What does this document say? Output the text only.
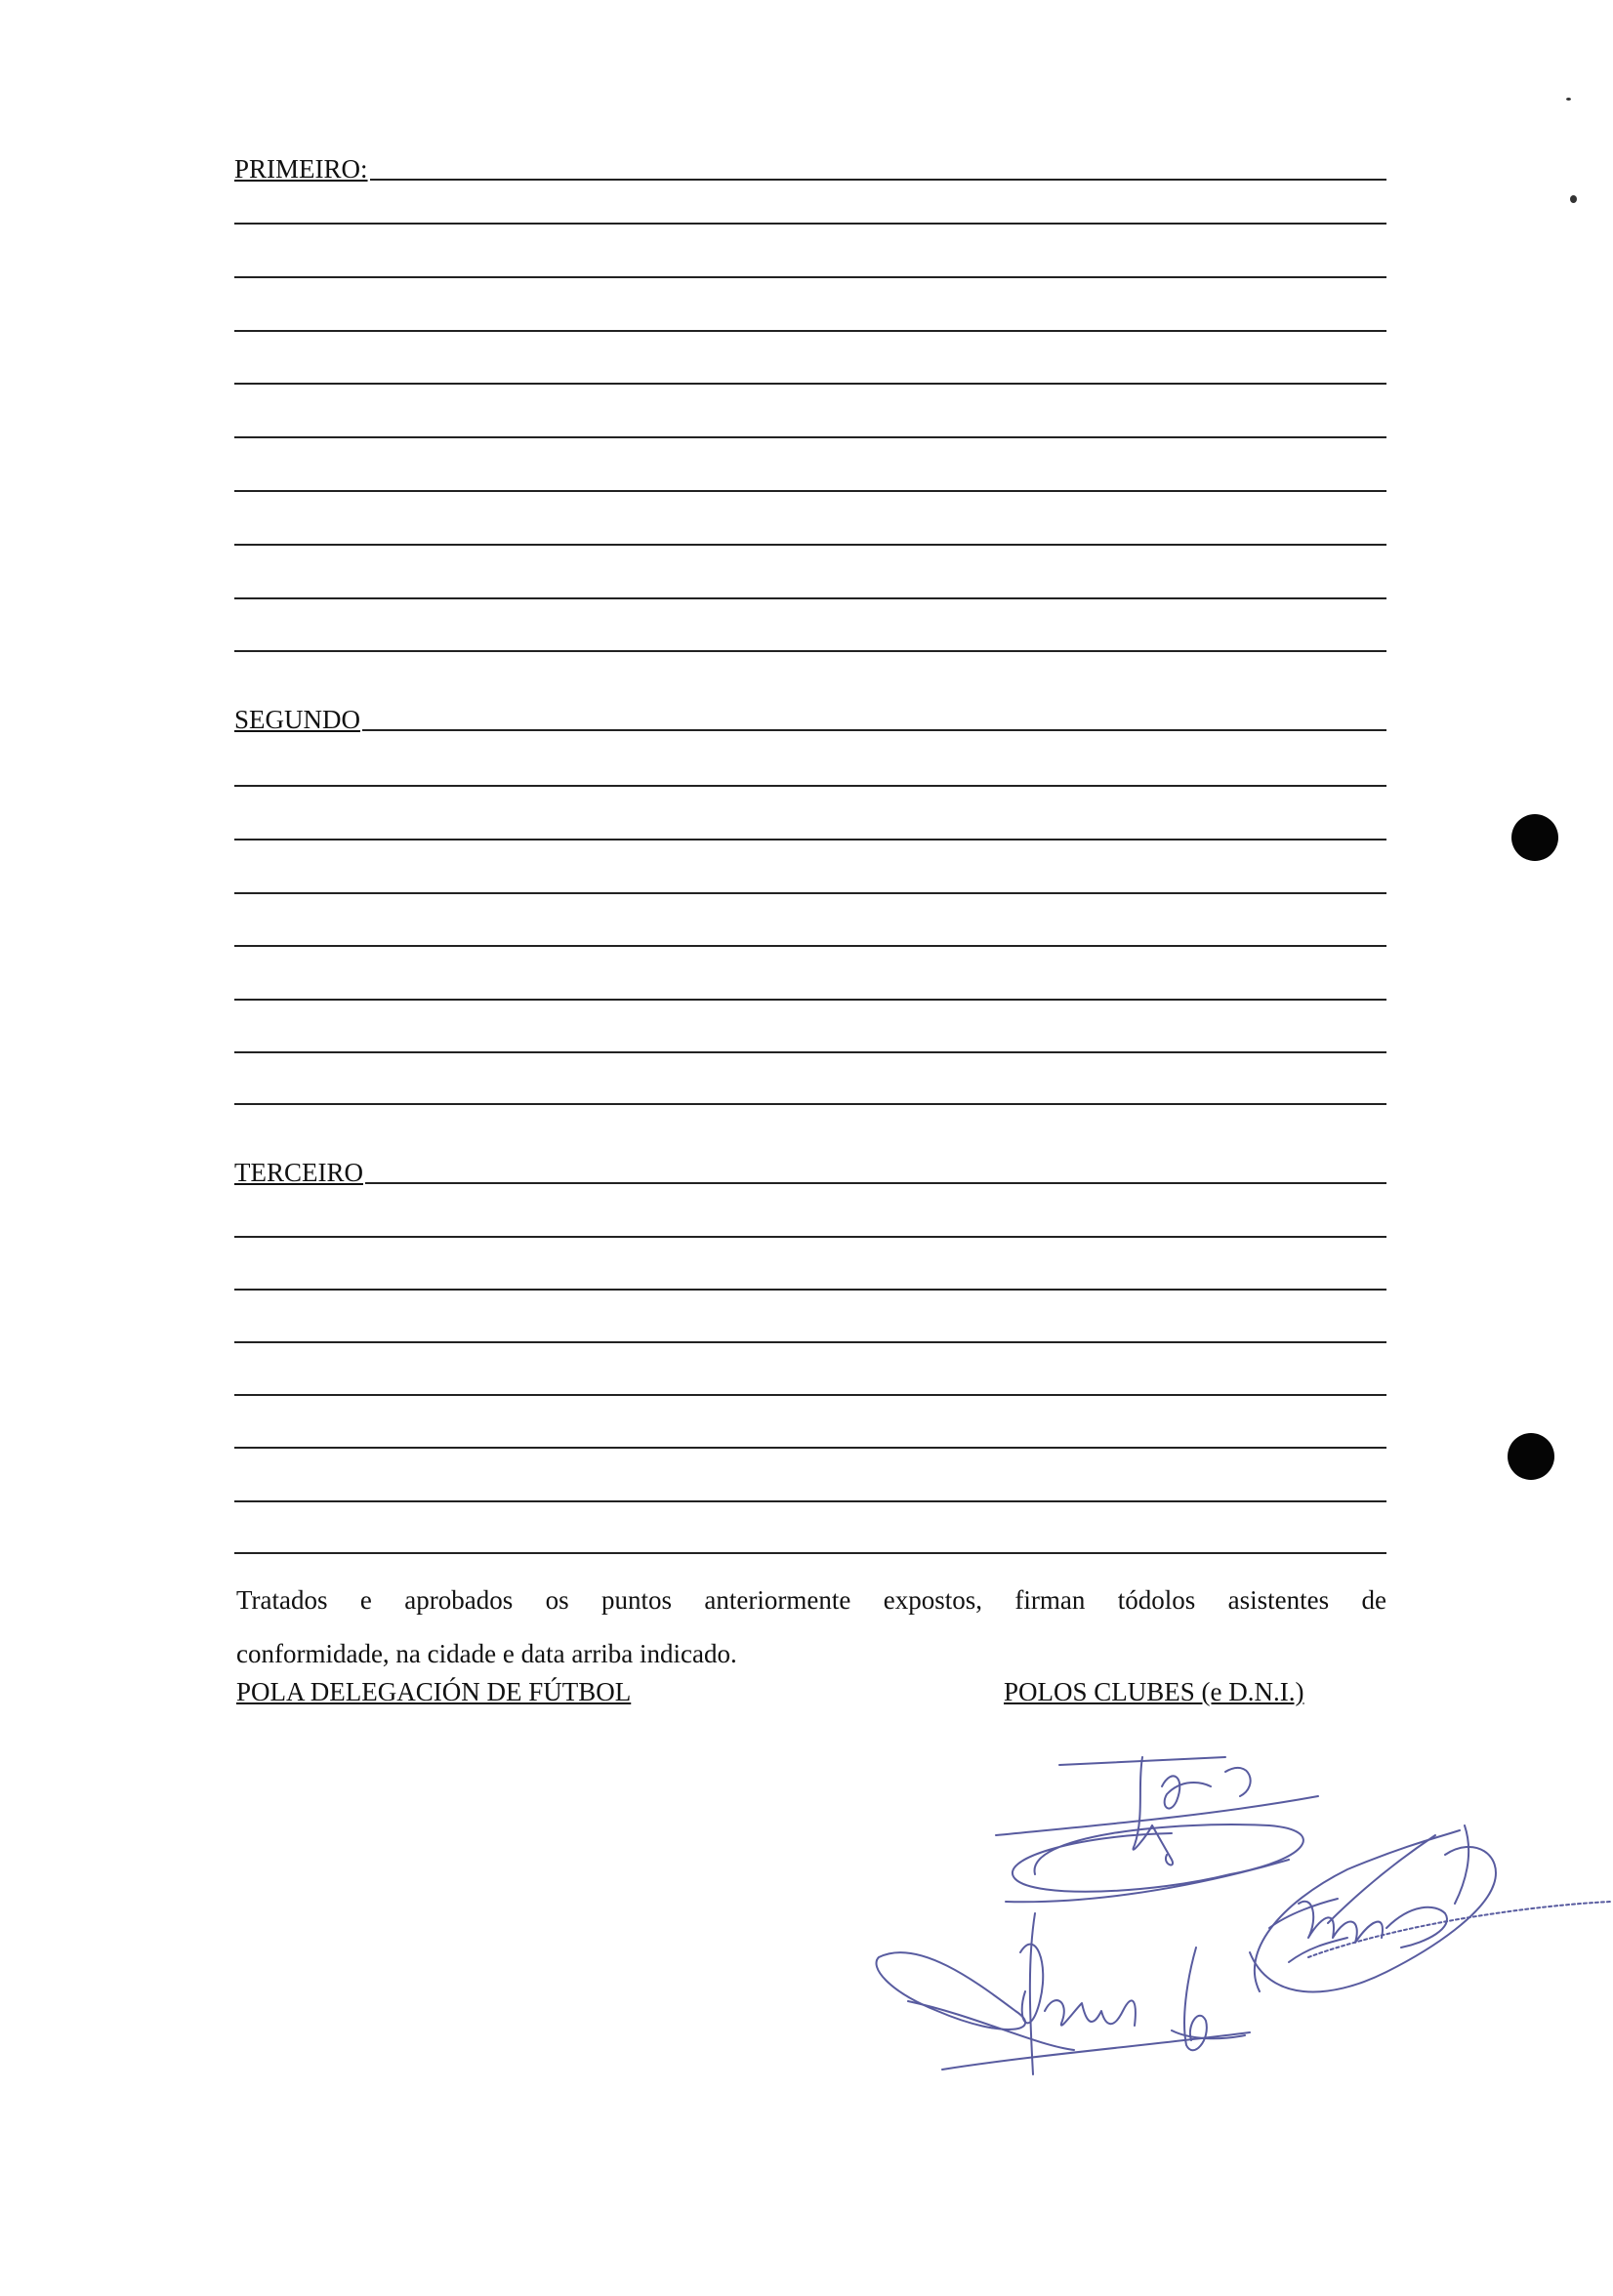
PRIMEIRO:
SEGUNDO
TERCEIRO
Tratados e aprobados os puntos anteriormente expostos, firman tódolos asistentes de
conformidade, na cidade e data arriba indicado.
POLA DELEGACIÓN DE FÚTBOL	POLOS CLUBES (e D.N.I.)
